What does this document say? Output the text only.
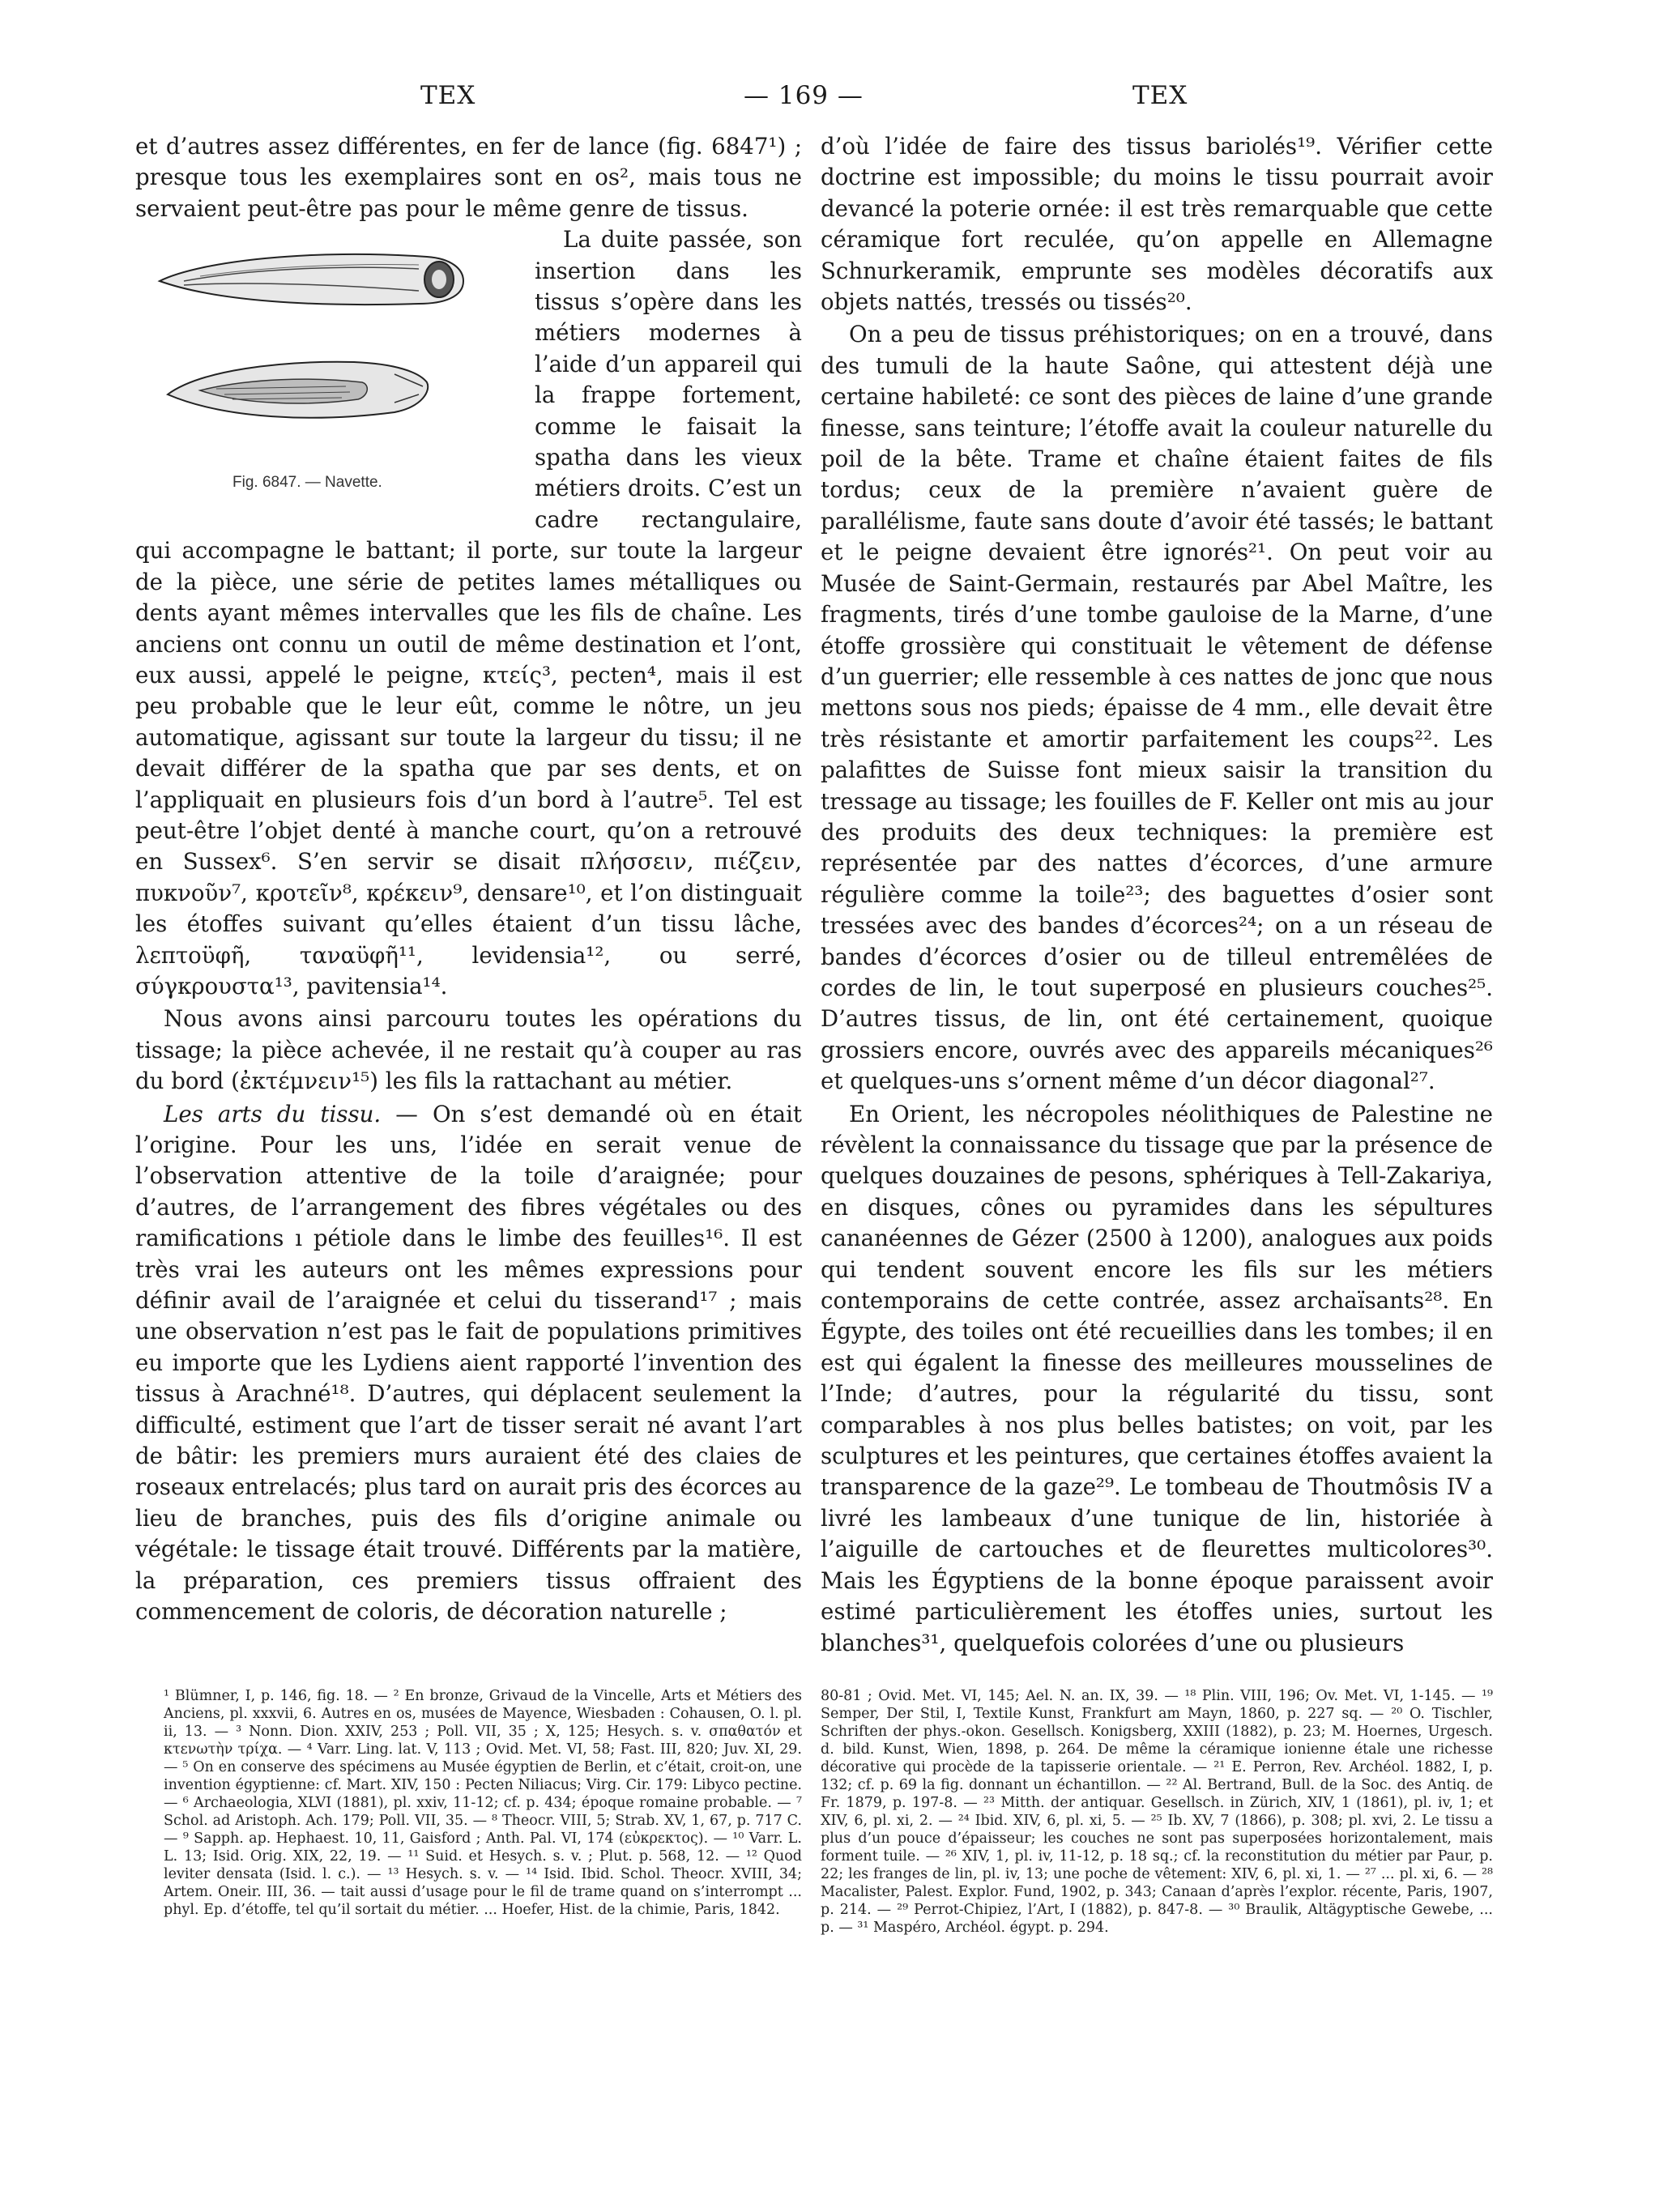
TEX	— 169 —	TEX

et d’autres assez différentes, en fer de lance (fig. 6847¹) ; presque tous les exemplaires sont en os², mais tous ne servaient peut-être pas pour le même genre de tissus.

Fig. 6847. — Navette.

La duite passée, son insertion dans les tissus s’opère dans les métiers modernes à l’aide d’un appareil qui la frappe fortement, comme le faisait la spatha dans les vieux métiers droits. C’est un cadre rectangulaire, qui accompagne le battant; il porte, sur toute la largeur de la pièce, une série de petites lames métalliques ou dents ayant mêmes intervalles que les fils de chaîne. Les anciens ont connu un outil de même destination et l’ont, eux aussi, appelé le peigne, κτείς³, pecten⁴, mais il est peu probable que le leur eût, comme le nôtre, un jeu automatique, agissant sur toute la largeur du tissu; il ne devait différer de la spatha que par ses dents, et on l’appliquait en plusieurs fois d’un bord à l’autre⁵. Tel est peut-être l’objet denté à manche court, qu’on a retrouvé en Sussex⁶. S’en servir se disait πλήσσειν, πιέζειν, πυκνοῦν⁷, κροτεῖν⁸, κρέκειν⁹, densare¹⁰, et l’on distinguait les étoffes suivant qu’elles étaient d’un tissu lâche, λεπτοϋφῆ, ταναϋφῆ¹¹, levidensia¹², ou serré, σύγκρουστα¹³, pavitensia¹⁴.

Nous avons ainsi parcouru toutes les opérations du tissage; la pièce achevée, il ne restait qu’à couper au ras du bord (ἐκτέμνειν¹⁵) les fils la rattachant au métier.

Les arts du tissu. — On s’est demandé où en était l’origine. Pour les uns, l’idée en serait venue de l’observation attentive de la toile d’araignée; pour d’autres, de l’arrangement des fibres végétales ou des ramifications ı pétiole dans le limbe des feuilles¹⁶. Il est très vrai les auteurs ont les mêmes expressions pour définir avail de l’araignée et celui du tisserand¹⁷ ; mais une observation n’est pas le fait de populations primitives eu importe que les Lydiens aient rapporté l’invention des tissus à Arachné¹⁸. D’autres, qui déplacent seulement la difficulté, estiment que l’art de tisser serait né avant l’art de bâtir: les premiers murs auraient été des claies de roseaux entrelacés; plus tard on aurait pris des écorces au lieu de branches, puis des fils d’origine animale ou végétale: le tissage était trouvé. Différents par la matière, la préparation, ces premiers tissus offraient des commencement de coloris, de décoration naturelle ;

d’où l’idée de faire des tissus bariolés¹⁹. Vérifier cette doctrine est impossible; du moins le tissu pourrait avoir devancé la poterie ornée: il est très remarquable que cette céramique fort reculée, qu’on appelle en Allemagne Schnurkeramik, emprunte ses modèles décoratifs aux objets nattés, tressés ou tissés²⁰.

On a peu de tissus préhistoriques; on en a trouvé, dans des tumuli de la haute Saône, qui attestent déjà une certaine habileté: ce sont des pièces de laine d’une grande finesse, sans teinture; l’étoffe avait la couleur naturelle du poil de la bête. Trame et chaîne étaient faites de fils tordus; ceux de la première n’avaient guère de parallélisme, faute sans doute d’avoir été tassés; le battant et le peigne devaient être ignorés²¹. On peut voir au Musée de Saint-Germain, restaurés par Abel Maître, les fragments, tirés d’une tombe gauloise de la Marne, d’une étoffe grossière qui constituait le vêtement de défense d’un guerrier; elle ressemble à ces nattes de jonc que nous mettons sous nos pieds; épaisse de 4 mm., elle devait être très résistante et amortir parfaitement les coups²². Les palafittes de Suisse font mieux saisir la transition du tressage au tissage; les fouilles de F. Keller ont mis au jour des produits des deux techniques: la première est représentée par des nattes d’écorces, d’une armure régulière comme la toile²³; des baguettes d’osier sont tressées avec des bandes d’écorces²⁴; on a un réseau de bandes d’écorces d’osier ou de tilleul entremêlées de cordes de lin, le tout superposé en plusieurs couches²⁵. D’autres tissus, de lin, ont été certainement, quoique grossiers encore, ouvrés avec des appareils mécaniques²⁶ et quelques-uns s’ornent même d’un décor diagonal²⁷.

En Orient, les nécropoles néolithiques de Palestine ne révèlent la connaissance du tissage que par la présence de quelques douzaines de pesons, sphériques à Tell-Zakariya, en disques, cônes ou pyramides dans les sépultures cananéennes de Gézer (2500 à 1200), analogues aux poids qui tendent souvent encore les fils sur les métiers contemporains de cette contrée, assez archaïsants²⁸. En Égypte, des toiles ont été recueillies dans les tombes; il en est qui égalent la finesse des meilleures mousselines de l’Inde; d’autres, pour la régularité du tissu, sont comparables à nos plus belles batistes; on voit, par les sculptures et les peintures, que certaines étoffes avaient la transparence de la gaze²⁹. Le tombeau de Thoutmôsis IV a livré les lambeaux d’une tunique de lin, historiée à l’aiguille de cartouches et de fleurettes multicolores³⁰. Mais les Égyptiens de la bonne époque paraissent avoir estimé particulièrement les étoffes unies, surtout les blanches³¹, quelquefois colorées d’une ou plusieurs

¹ Blümner, I, p. 146, fig. 18. — ² En bronze, Grivaud de la Vincelle, Arts et Métiers des Anciens, pl. xxxvii, 6. Autres en os, musées de Mayence, Wiesbaden : Cohausen, O. l. pl. ii, 13. — ³ Nonn. Dion. XXIV, 253 ; Poll. VII, 35 ; X, 125; Hesych. s. v. σπαθατόν et κτενωτὴν τρίχα. — ⁴ Varr. Ling. lat. V, 113 ; Ovid. Met. VI, 58; Fast. III, 820; Juv. XI, 29. — ⁵ On en conserve des spécimens au Musée égyptien de Berlin, et c’était, croit-on, une invention égyptienne: cf. Mart. XIV, 150 : Pecten Niliacus; Virg. Cir. 179: Libyco pectine. — ⁶ Archaeologia, XLVI (1881), pl. xxiv, 11-12; cf. p. 434; époque romaine probable. — ⁷ Schol. ad Aristoph. Ach. 179; Poll. VII, 35. — ⁸ Theocr. VIII, 5; Strab. XV, 1, 67, p. 717 C. — ⁹ Sapph. ap. Hephaest. 10, 11, Gaisford ; Anth. Pal. VI, 174 (εὐκρεκτος). — ¹⁰ Varr. L. L. 13; Isid. Orig. XIX, 22, 19. — ¹¹ Suid. et Hesych. s. v. ; Plut. p. 568, 12. — ¹² Quod leviter densata (Isid. l. c.). — ¹³ Hesych. s. v. — ¹⁴ Isid. Ibid. Schol. Theocr. XVIII, 34; Artem. Oneir. III, 36. — tait aussi d’usage pour le fil de trame quand on s’interrompt ... phyl. Ep. d’étoffe, tel qu’il sortait du métier. ... Hoefer, Hist. de la chimie, Paris, 1842.
80-81 ; Ovid. Met. VI, 145; Ael. N. an. IX, 39. — ¹⁸ Plin. VIII, 196; Ov. Met. VI, 1-145. — ¹⁹ Semper, Der Stil, I, Textile Kunst, Frankfurt am Mayn, 1860, p. 227 sq. — ²⁰ O. Tischler, Schriften der phys.-okon. Gesellsch. Konigsberg, XXIII (1882), p. 23; M. Hoernes, Urgesch. d. bild. Kunst, Wien, 1898, p. 264. De même la céramique ionienne étale une richesse décorative qui procède de la tapisserie orientale. — ²¹ E. Perron, Rev. Archéol. 1882, I, p. 132; cf. p. 69 la fig. donnant un échantillon. — ²² Al. Bertrand, Bull. de la Soc. des Antiq. de Fr. 1879, p. 197-8. — ²³ Mitth. der antiquar. Gesellsch. in Zürich, XIV, 1 (1861), pl. iv, 1; et XIV, 6, pl. xi, 2. — ²⁴ Ibid. XIV, 6, pl. xi, 5. — ²⁵ Ib. XV, 7 (1866), p. 308; pl. xvi, 2. Le tissu a plus d’un pouce d’épaisseur; les couches ne sont pas superposées horizontalement, mais forment tuile. — ²⁶ XIV, 1, pl. iv, 11-12, p. 18 sq.; cf. la reconstitution du métier par Paur, p. 22; les franges de lin, pl. iv, 13; une poche de vêtement: XIV, 6, pl. xi, 1. — ²⁷ ... pl. xi, 6. — ²⁸ Macalister, Palest. Explor. Fund, 1902, p. 343; Canaan d’après l’explor. récente, Paris, 1907, p. 214. — ²⁹ Perrot-Chipiez, l’Art, I (1882), p. 847-8. — ³⁰ Braulik, Altägyptische Gewebe, ... p. — ³¹ Maspéro, Archéol. égypt. p. 294.
